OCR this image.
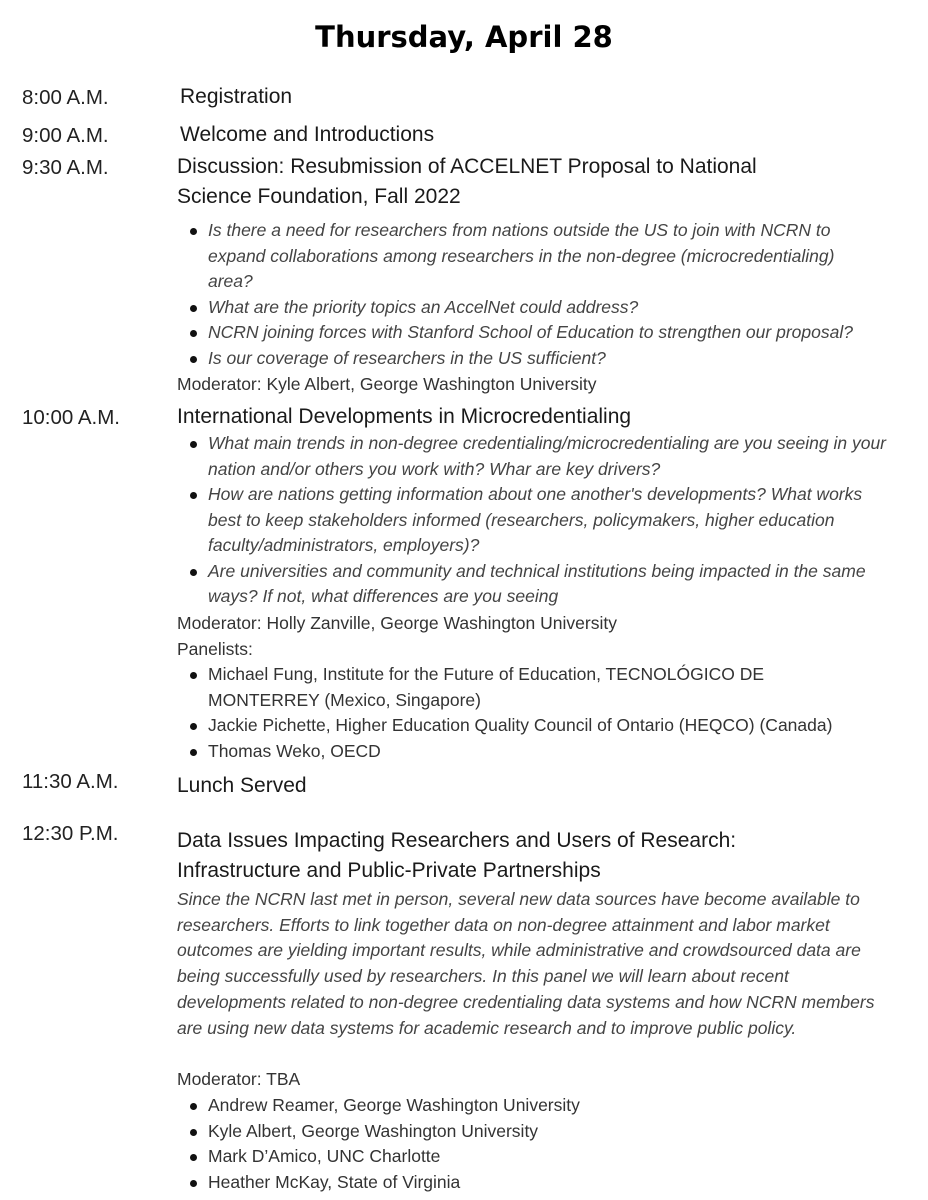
Thursday, April 28
8:00 A.M.	Registration
9:00 A.M.	Welcome and Introductions
9:30 A.M.	Discussion: Resubmission of ACCELNET Proposal to National Science Foundation, Fall 2022
Is there a need for researchers from nations outside the US to join with NCRN to expand collaborations among researchers in the non-degree (microcredentialing) area?
What are the priority topics an AccelNet could address?
NCRN joining forces with Stanford School of Education to strengthen our proposal?
Is our coverage of researchers in the US sufficient?
Moderator: Kyle Albert, George Washington University
10:00 A.M.	International Developments in Microcredentialing
What main trends in non-degree credentialing/microcredentialing are you seeing in your nation and/or others you work with? Whar are key drivers?
How are nations getting information about one another's developments? What works best to keep stakeholders informed (researchers, policymakers, higher education faculty/administrators, employers)?
Are universities and community and technical institutions being impacted in the same ways? If not, what differences are you seeing
Moderator: Holly Zanville, George Washington University
Panelists:
Michael Fung, Institute for the Future of Education, TECNOLÓGICO DE MONTERREY (Mexico, Singapore)
Jackie Pichette, Higher Education Quality Council of Ontario (HEQCO) (Canada)
Thomas Weko, OECD
11:30 A.M.	Lunch Served
12:30 P.M.	Data Issues Impacting Researchers and Users of Research: Infrastructure and Public-Private Partnerships

Since the NCRN last met in person, several new data sources have become available to researchers. Efforts to link together data on non-degree attainment and labor market outcomes are yielding important results, while administrative and crowdsourced data are being successfully used by researchers. In this panel we will learn about recent developments related to non-degree credentialing data systems and how NCRN members are using new data systems for academic research and to improve public policy.

Moderator: TBA
Andrew Reamer, George Washington University
Kyle Albert, George Washington University
Mark D’Amico, UNC Charlotte
Heather McKay, State of Virginia
